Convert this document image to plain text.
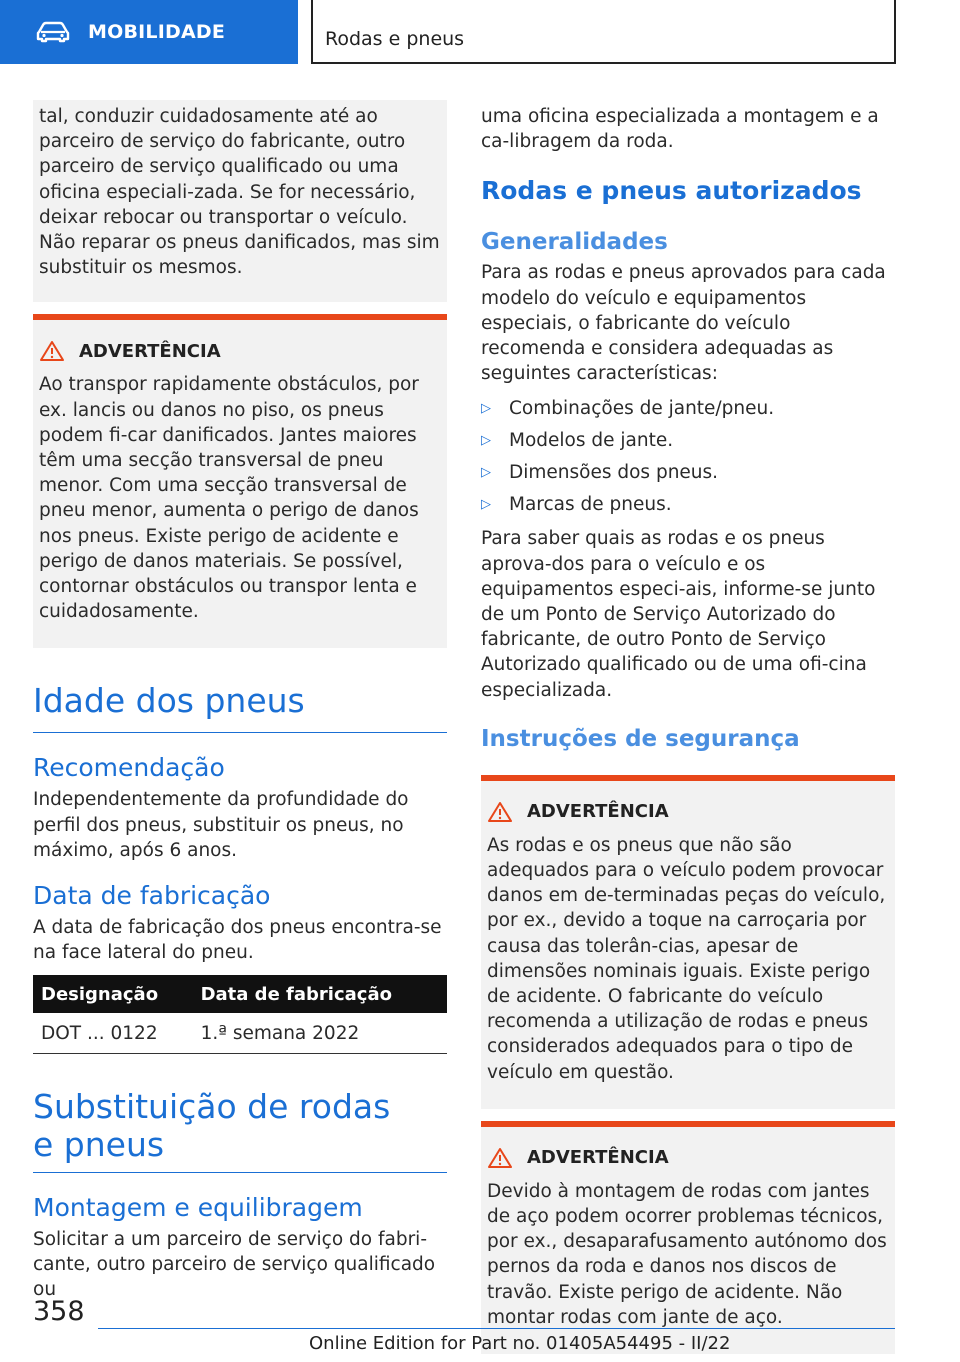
MOBILIDADE	Rodas e pneus

tal, conduzir cuidadosamente até ao parceiro de serviço do fabricante, outro parceiro de serviço qualificado ou uma oficina especiali-zada. Se for necessário, deixar rebocar ou transportar o veículo. Não reparar os pneus danificados, mas sim substituir os mesmos.

ADVERTÊNCIA

Ao transpor rapidamente obstáculos, por ex. lancis ou danos no piso, os pneus podem fi-car danificados. Jantes maiores têm uma secção transversal de pneu menor. Com uma secção transversal de pneu menor, aumenta o perigo de danos nos pneus. Existe perigo de acidente e perigo de danos materiais. Se possível, contornar obstáculos ou transpor lenta e cuidadosamente.

Idade dos pneus
Recomendação

Independentemente da profundidade do perfil dos pneus, substituir os pneus, no máximo, após 6 anos.

Data de fabricação

A data de fabricação dos pneus encontra-se na face lateral do pneu.

Designação	Data de fabricação
DOT ... 0122	1.ª semana 2022
Substituição de rodas e pneus
Montagem e equilibragem

Solicitar a um parceiro de serviço do fabri-cante, outro parceiro de serviço qualificado ou

uma oficina especializada a montagem e a ca-libragem da roda.

Rodas e pneus autorizados
Generalidades

Para as rodas e pneus aprovados para cada modelo do veículo e equipamentos especiais, o fabricante do veículo recomenda e considera adequadas as seguintes características:

▷ Combinações de jante/pneu.
▷ Modelos de jante.
▷ Dimensões dos pneus.
▷ Marcas de pneus.

Para saber quais as rodas e os pneus aprova-dos para o veículo e os equipamentos especi-ais, informe-se junto de um Ponto de Serviço Autorizado do fabricante, de outro Ponto de Serviço Autorizado qualificado ou de uma ofi-cina especializada.

Instruções de segurança
ADVERTÊNCIA

As rodas e os pneus que não são adequados para o veículo podem provocar danos em de-terminadas peças do veículo, por ex., devido a toque na carroçaria por causa das tolerân-cias, apesar de dimensões nominais iguais. Existe perigo de acidente. O fabricante do veículo recomenda a utilização de rodas e pneus considerados adequados para o tipo de veículo em questão.

ADVERTÊNCIA

Devido à montagem de rodas com jantes de aço podem ocorrer problemas técnicos, por ex., desaparafusamento autónomo dos pernos da roda e danos nos discos de travão. Existe perigo de acidente. Não montar rodas com jante de aço.

358
Online Edition for Part no. 01405A54495 - II/22
